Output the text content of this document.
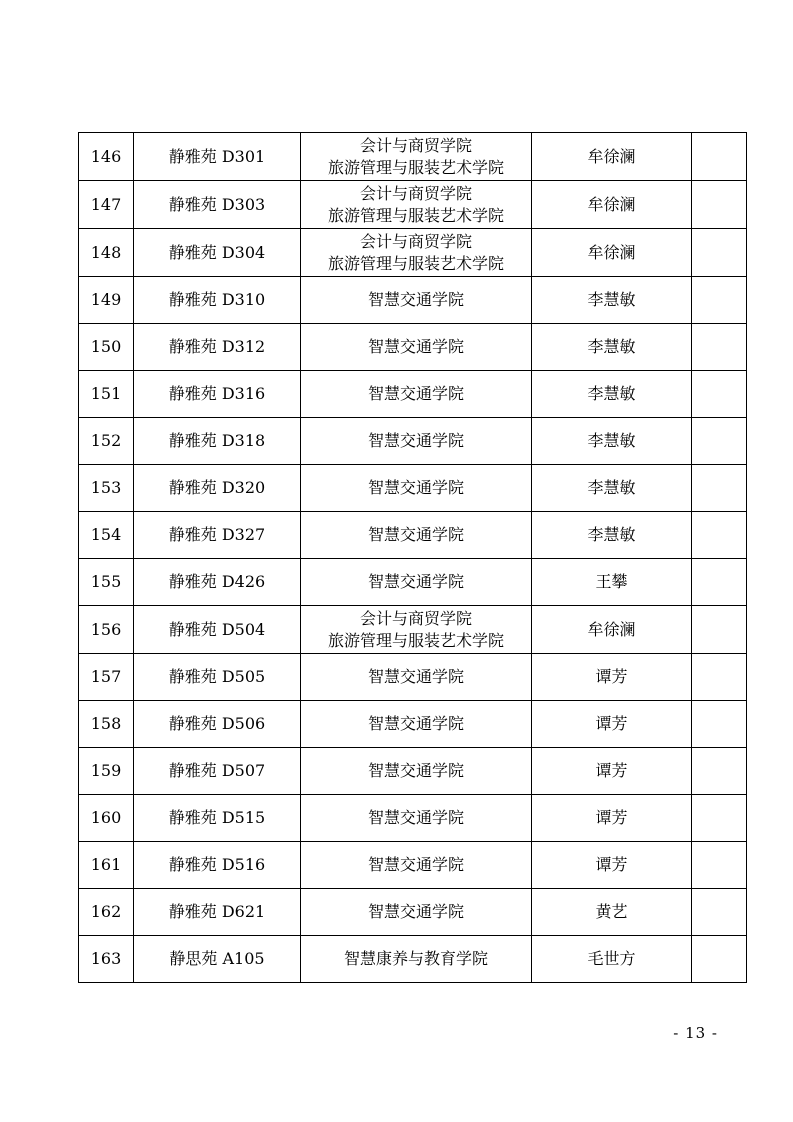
146	静雅苑 D301	会计与商贸学院
旅游管理与服装艺术学院	牟徐澜	
147	静雅苑 D303	会计与商贸学院
旅游管理与服装艺术学院	牟徐澜	
148	静雅苑 D304	会计与商贸学院
旅游管理与服装艺术学院	牟徐澜	
149	静雅苑 D310	智慧交通学院	李慧敏	
150	静雅苑 D312	智慧交通学院	李慧敏	
151	静雅苑 D316	智慧交通学院	李慧敏	
152	静雅苑 D318	智慧交通学院	李慧敏	
153	静雅苑 D320	智慧交通学院	李慧敏	
154	静雅苑 D327	智慧交通学院	李慧敏	
155	静雅苑 D426	智慧交通学院	王攀	
156	静雅苑 D504	会计与商贸学院
旅游管理与服装艺术学院	牟徐澜	
157	静雅苑 D505	智慧交通学院	谭芳	
158	静雅苑 D506	智慧交通学院	谭芳	
159	静雅苑 D507	智慧交通学院	谭芳	
160	静雅苑 D515	智慧交通学院	谭芳	
161	静雅苑 D516	智慧交通学院	谭芳	
162	静雅苑 D621	智慧交通学院	黄艺	
163	静思苑 A105	智慧康养与教育学院	毛世方	
- 13 -
